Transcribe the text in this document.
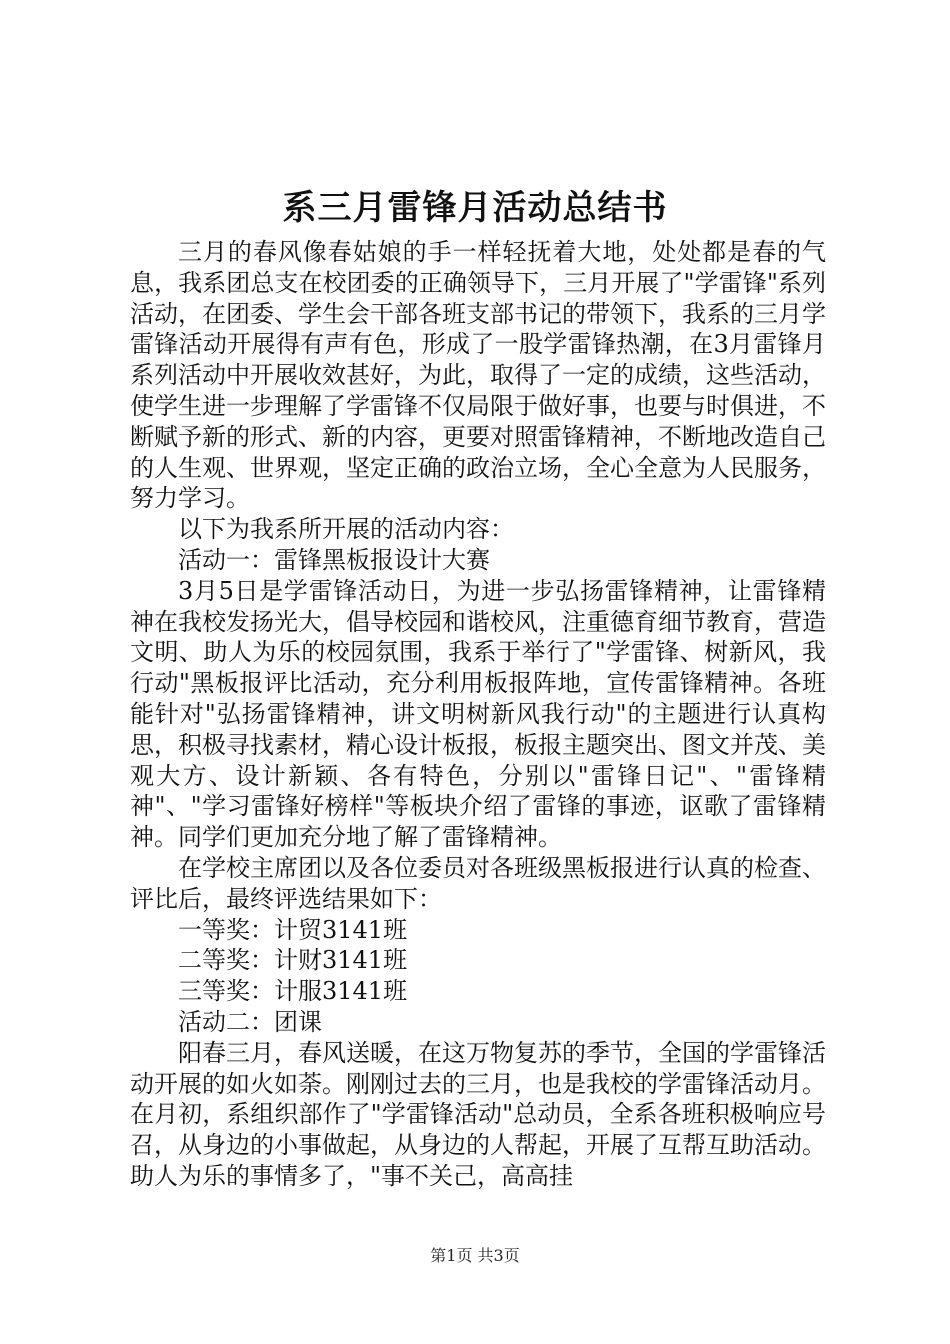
系三月雷锋月活动总结书

三月的春风像春姑娘的手一样轻抚着大地，处处都是春的气息，我系团总支在校团委的正确领导下，三月开展了"学雷锋"系列活动，在团委、学生会干部各班支部书记的带领下，我系的三月学雷锋活动开展得有声有色，形成了一股学雷锋热潮，在3月雷锋月系列活动中开展收效甚好，为此，取得了一定的成绩，这些活动，使学生进一步理解了学雷锋不仅局限于做好事，也要与时俱进，不断赋予新的形式、新的内容，更要对照雷锋精神，不断地改造自己的人生观、世界观，坚定正确的政治立场，全心全意为人民服务，努力学习。

以下为我系所开展的活动内容：

活动一：雷锋黑板报设计大赛

3月5日是学雷锋活动日，为进一步弘扬雷锋精神，让雷锋精神在我校发扬光大，倡导校园和谐校风，注重德育细节教育，营造文明、助人为乐的校园氛围，我系于举行了"学雷锋、树新风，我行动"黑板报评比活动，充分利用板报阵地，宣传雷锋精神。各班能针对"弘扬雷锋精神，讲文明树新风我行动"的主题进行认真构思，积极寻找素材，精心设计板报，板报主题突出、图文并茂、美观大方、设计新颖、各有特色，分别以"雷锋日记"、"雷锋精神"、"学习雷锋好榜样"等板块介绍了雷锋的事迹，讴歌了雷锋精神。同学们更加充分地了解了雷锋精神。

在学校主席团以及各位委员对各班级黑板报进行认真的检查、评比后，最终评选结果如下：

一等奖：计贸3141班

二等奖：计财3141班

三等奖：计服3141班

活动二：团课

阳春三月，春风送暖，在这万物复苏的季节，全国的学雷锋活动开展的如火如荼。刚刚过去的三月，也是我校的学雷锋活动月。在月初，系组织部作了"学雷锋活动"总动员，全系各班积极响应号召，从身边的小事做起，从身边的人帮起，开展了互帮互助活动。助人为乐的事情多了，"事不关己，高高挂

第1页 共3页
